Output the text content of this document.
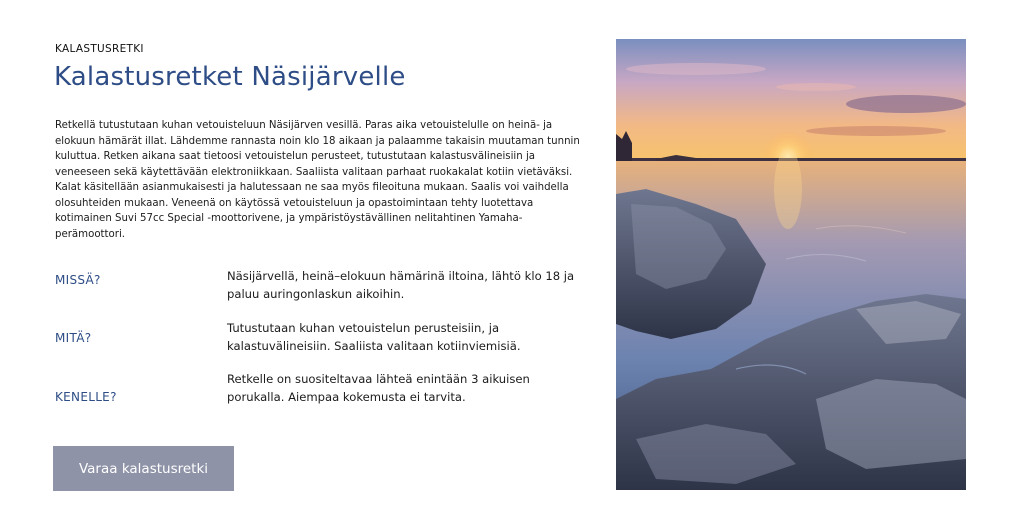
KALASTUSRETKI
Kalastusretket Näsijärvelle

Retkellä tutustutaan kuhan vetouisteluun Näsijärven vesillä. Paras aika vetouistelulle on heinä- ja elokuun hämärät illat. Lähdemme rannasta noin klo 18 aikaan ja palaamme takaisin muutaman tunnin kuluttua. Retken aikana saat tietoosi vetouistelun perusteet, tutustutaan kalastusvälineisiin ja veneeseen sekä käytettävään elektroniikkaan. Saaliista valitaan parhaat ruokakalat kotiin vietäväksi. Kalat käsitellään asianmukaisesti ja halutessaan ne saa myös fileoituna mukaan. Saalis voi vaihdella olosuhteiden mukaan. Veneenä on käytössä vetouisteluun ja opastoimintaan tehty luotettava kotimainen Suvi 57cc Special -moottorivene, ja ympäristöystävällinen nelitahtinen Yamaha-perämoottori.

MISSÄ?	Näsijärvellä, heinä–elokuun hämärinä iltoina, lähtö klo 18 ja paluu auringonlaskun aikoihin.
MITÄ?
Tutustutaan kuhan vetouistelun perusteisiin, ja kalastuvälineisiin. Saaliista valitaan kotiinviemisiä.
KENELLE?
Retkelle on suositeltavaa lähteä enintään 3 aikuisen porukalla. Aiempaa kokemusta ei tarvita.
Varaa kalastusretki
